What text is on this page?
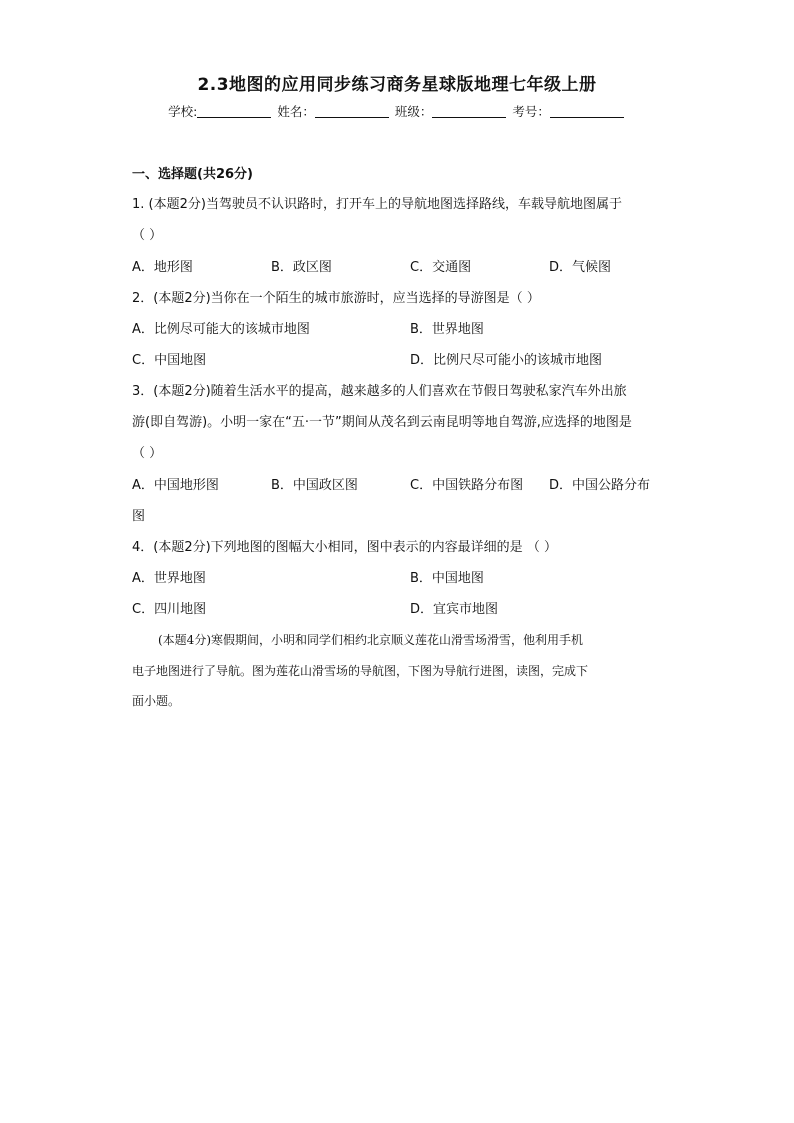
2.3地图的应用同步练习商务星球版地理七年级上册
学校:	姓名：	班级：	考号：
一、选择题(共26分)
1. (本题2分)当驾驶员不认识路时，打开车上的导航地图选择路线，车载导航地图属于
（ ）
A．地形图	B．政区图	C．交通图	D．气候图
2．(本题2分)当你在一个陌生的城市旅游时，应当选择的导游图是（ ）
A．比例尽可能大的该城市地图	B．世界地图
C．中国地图	D．比例尺尽可能小的该城市地图
3．(本题2分)随着生活水平的提高，越来越多的人们喜欢在节假日驾驶私家汽车外出旅
游(即自驾游)。小明一家在“五·一节”期间从茂名到云南昆明等地自驾游,应选择的地图是
（ ）
A．中国地形图	B．中国政区图	C．中国铁路分布图 D．中国公路分布
图
4．(本题2分)下列地图的图幅大小相同，图中表示的内容最详细的是 （ ）
A．世界地图	B．中国地图
C．四川地图	D．宜宾市地图
(本题4分)寒假期间，小明和同学们相约北京顺义莲花山滑雪场滑雪，他利用手机
电子地图进行了导航。图为莲花山滑雪场的导航图，下图为导航行进图，读图，完成下
面小题。
